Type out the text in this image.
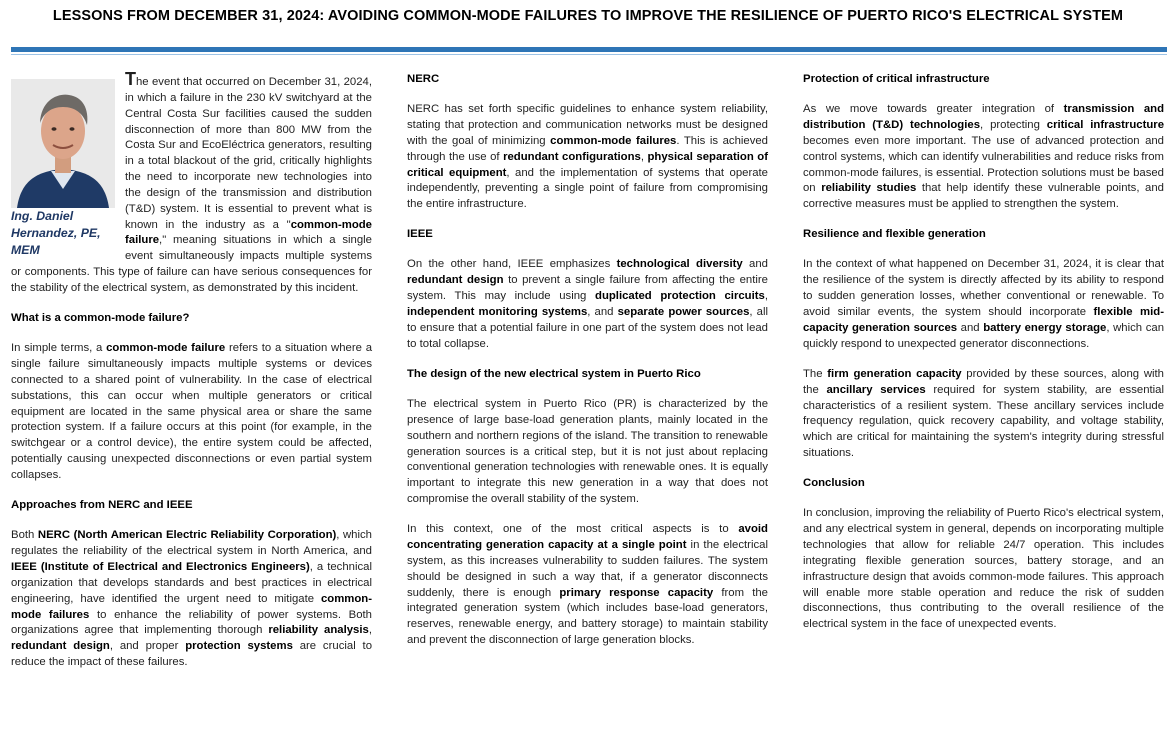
LESSONS FROM DECEMBER 31, 2024: AVOIDING COMMON-MODE FAILURES TO IMPROVE THE RESILIENCE OF PUERTO RICO'S ELECTRICAL SYSTEM
Ing. Daniel Hernandez, PE, MEM

The event that occurred on December 31, 2024, in which a failure in the 230 kV switchyard at the Central Costa Sur facilities caused the sudden disconnection of more than 800 MW from the Costa Sur and EcoEléctrica generators, resulting in a total blackout of the grid, critically highlights the need to incorporate new technologies into the design of the transmission and distribution (T&D) system. It is essential to prevent what is known in the industry as a "common-mode failure," meaning situations in which a single event simultaneously impacts multiple systems or components. This type of failure can have serious consequences for the stability of the electrical system, as demonstrated by this incident.

What is a common-mode failure?

In simple terms, a common-mode failure refers to a situation where a single failure simultaneously impacts multiple systems or devices connected to a shared point of vulnerability. In the case of electrical substations, this can occur when multiple generators or critical equipment are located in the same physical area or share the same protection system. If a failure occurs at this point (for example, in the switchgear or a control device), the entire system could be affected, potentially causing unexpected disconnections or even partial system collapses.

Approaches from NERC and IEEE

Both NERC (North American Electric Reliability Corporation), which regulates the reliability of the electrical system in North America, and IEEE (Institute of Electrical and Electronics Engineers), a technical organization that develops standards and best practices in electrical engineering, have identified the urgent need to mitigate common-mode failures to enhance the reliability of power systems. Both organizations agree that implementing thorough reliability analysis, redundant design, and proper protection systems are crucial to reduce the impact of these failures.

NERC

NERC has set forth specific guidelines to enhance system reliability, stating that protection and communication networks must be designed with the goal of minimizing common-mode failures. This is achieved through the use of redundant configurations, physical separation of critical equipment, and the implementation of systems that operate independently, preventing a single point of failure from compromising the entire infrastructure.

IEEE

On the other hand, IEEE emphasizes technological diversity and redundant design to prevent a single failure from affecting the entire system. This may include using duplicated protection circuits, independent monitoring systems, and separate power sources, all to ensure that a potential failure in one part of the system does not lead to total collapse.

The design of the new electrical system in Puerto Rico

The electrical system in Puerto Rico (PR) is characterized by the presence of large base-load generation plants, mainly located in the southern and northern regions of the island. The transition to renewable generation sources is a critical step, but it is not just about replacing conventional generation technologies with renewable ones. It is equally important to integrate this new generation in a way that does not compromise the overall stability of the system.

In this context, one of the most critical aspects is to avoid concentrating generation capacity at a single point in the electrical system, as this increases vulnerability to sudden failures. The system should be designed in such a way that, if a generator disconnects suddenly, there is enough primary response capacity from the integrated generation system (which includes base-load generators, reserves, renewable energy, and battery storage) to maintain stability and prevent the disconnection of large generation blocks.

Protection of critical infrastructure

As we move towards greater integration of transmission and distribution (T&D) technologies, protecting critical infrastructure becomes even more important. The use of advanced protection and control systems, which can identify vulnerabilities and reduce risks from common-mode failures, is essential. Protection solutions must be based on reliability studies that help identify these vulnerable points, and corrective measures must be applied to strengthen the system.

Resilience and flexible generation

In the context of what happened on December 31, 2024, it is clear that the resilience of the system is directly affected by its ability to respond to sudden generation losses, whether conventional or renewable. To avoid similar events, the system should incorporate flexible mid-capacity generation sources and battery energy storage, which can quickly respond to unexpected generator disconnections.

The firm generation capacity provided by these sources, along with the ancillary services required for system stability, are essential characteristics of a resilient system. These ancillary services include frequency regulation, quick recovery capability, and voltage stability, which are critical for maintaining the system's integrity during stressful situations.

Conclusion

In conclusion, improving the reliability of Puerto Rico's electrical system, and any electrical system in general, depends on incorporating multiple technologies that allow for reliable 24/7 operation. This includes integrating flexible generation sources, battery storage, and an infrastructure design that avoids common-mode failures. This approach will enable more stable operation and reduce the risk of sudden disconnections, thus contributing to the overall resilience of the electrical system in the face of unexpected events.
